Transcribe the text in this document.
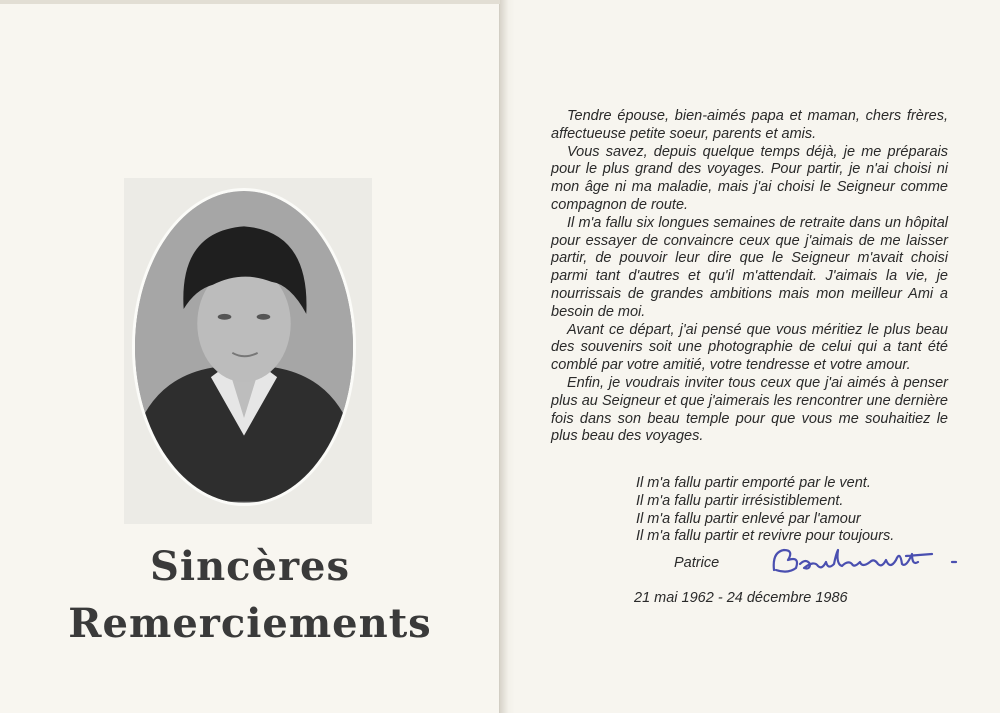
Sincères
Remerciements

Tendre épouse, bien-aimés papa et maman, chers frères, affectueuse petite soeur, parents et amis.

Vous savez, depuis quelque temps déjà, je me préparais pour le plus grand des voyages. Pour partir, je n'ai choisi ni mon âge ni ma maladie, mais j'ai choisi le Seigneur comme compagnon de route.

Il m'a fallu six longues semaines de retraite dans un hôpital pour essayer de convaincre ceux que j'aimais de me laisser partir, de pouvoir leur dire que le Seigneur m'avait choisi parmi tant d'autres et qu'il m'attendait. J'aimais la vie, je nourrissais de grandes ambitions mais mon meilleur Ami a besoin de moi.

Avant ce départ, j'ai pensé que vous méritiez le plus beau des souvenirs soit une photographie de celui qui a tant été comblé par votre amitié, votre tendresse et votre amour.

Enfin, je voudrais inviter tous ceux que j'ai aimés à penser plus au Seigneur et que j'aimerais les rencontrer une dernière fois dans son beau temple pour que vous me souhaitiez le plus beau des voyages.

Il m'a fallu partir emporté par le vent.
Il m'a fallu partir irrésistiblement.
Il m'a fallu partir enlevé par l'amour
Il m'a fallu partir et revivre pour toujours.
Patrice
21 mai 1962 - 24 décembre 1986
